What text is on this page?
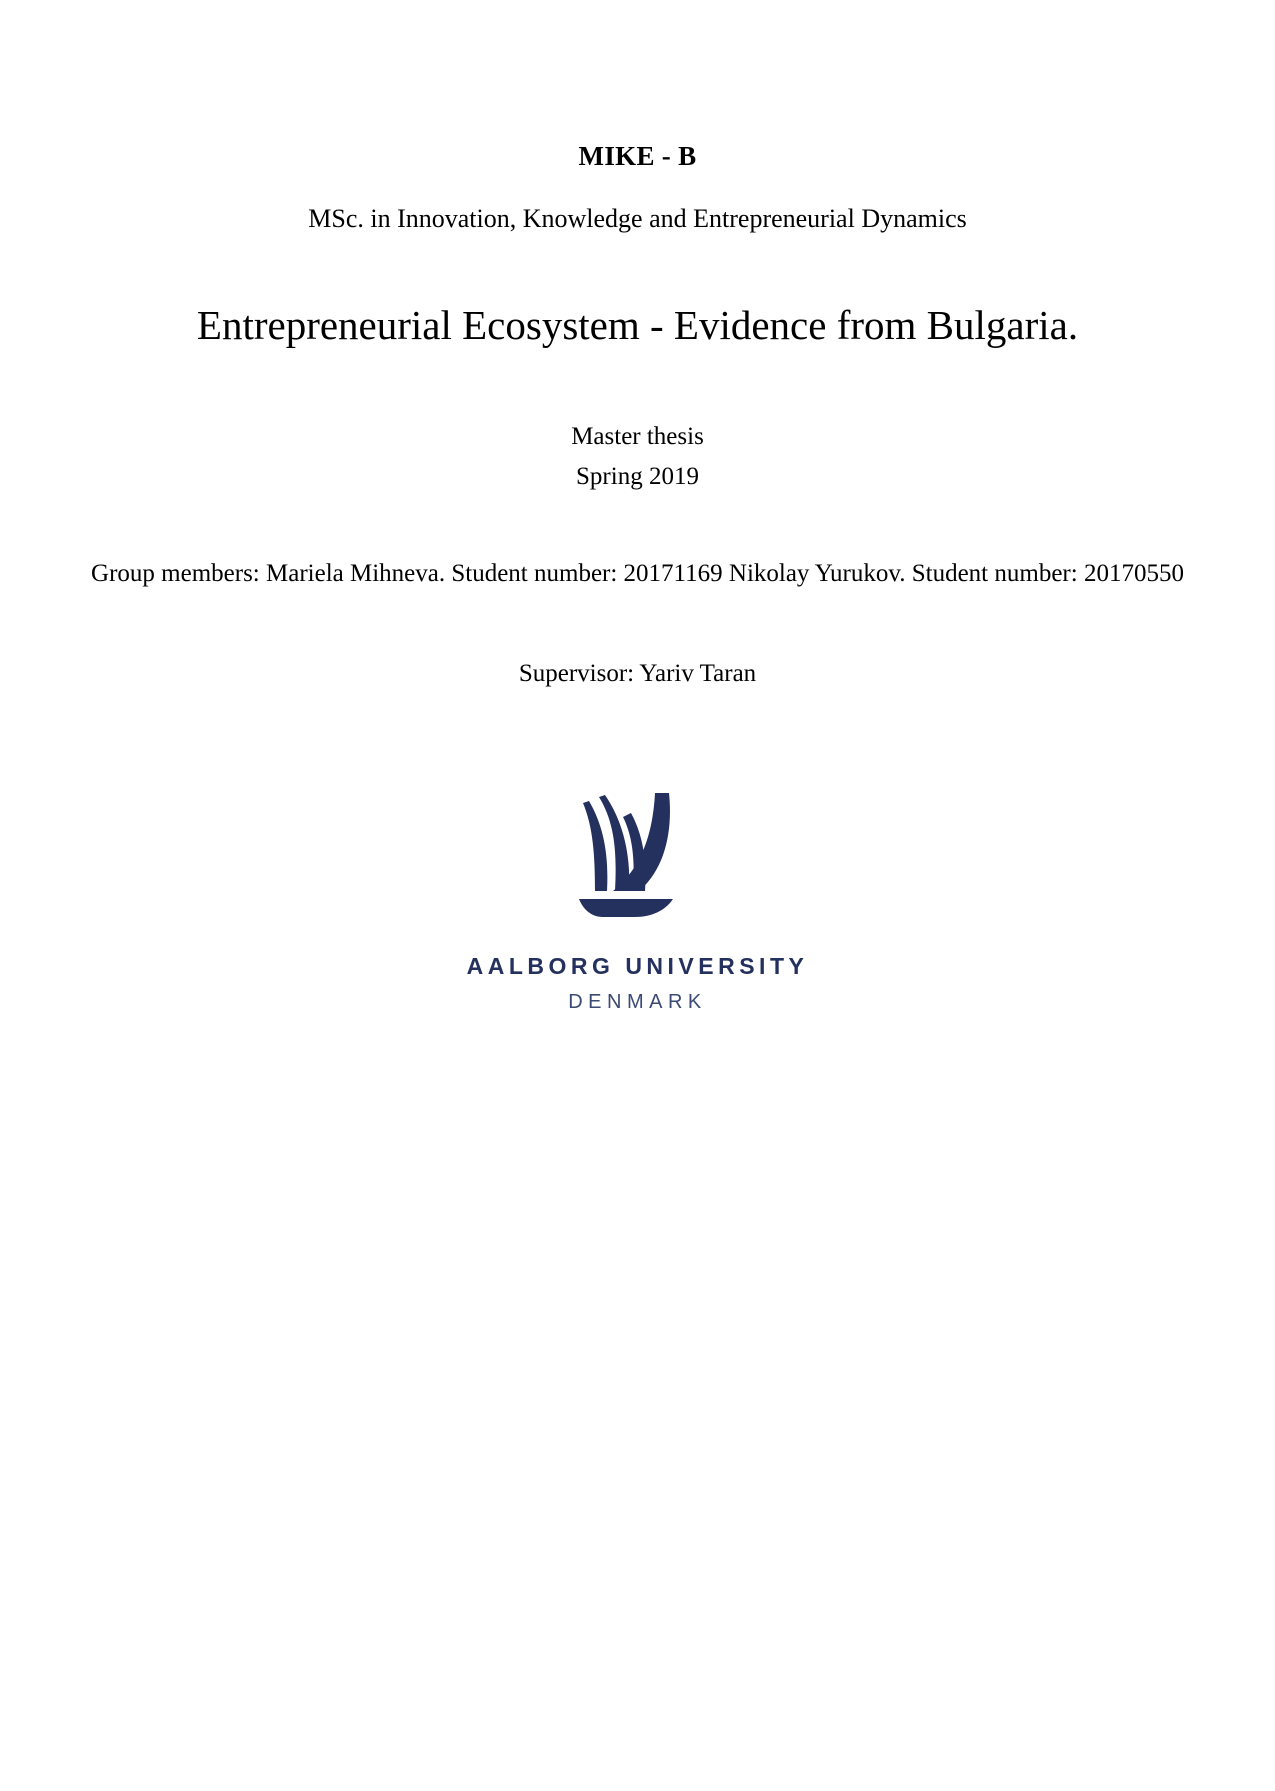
MIKE - B
MSc. in Innovation, Knowledge and Entrepreneurial Dynamics
Entrepreneurial Ecosystem - Evidence from Bulgaria.
Master thesis
Spring 2019
Group members: Mariela Mihneva. Student number: 20171169 Nikolay Yurukov. Student number: 20170550
Supervisor: Yariv Taran
AALBORG UNIVERSITY
DENMARK
